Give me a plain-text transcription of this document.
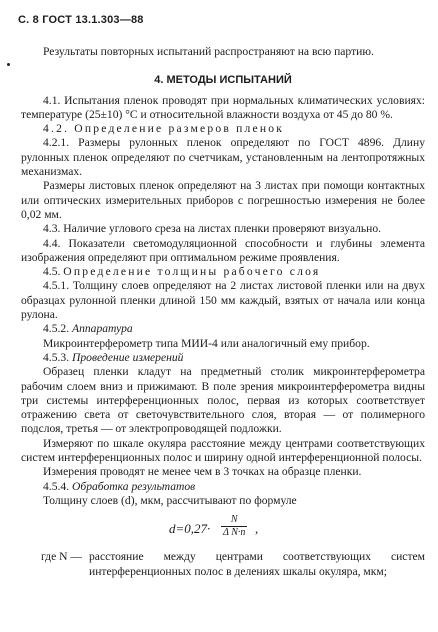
С. 8 ГОСТ 13.1.303—88

Результаты повторных испытаний распространяют на всю партию.

4. МЕТОДЫ ИСПЫТАНИЙ

4.1. Испытания пленок проводят при нормальных климатических условиях: температуре (25±10) °С и относительной влажности воздуха от 45 до 80 %.

4.2. Определение размеров пленок

4.2.1. Размеры рулонных пленок определяют по ГОСТ 4896. Длину рулонных пленок определяют по счетчикам, установленным на лентопротяжных механизмах.

Размеры листовых пленок определяют на 3 листах при помощи контактных или оптических измерительных приборов с погрешностью измерения не более 0,02 мм.

4.3. Наличие углового среза на листах пленки проверяют визуально.

4.4. Показатели светомодуляционной способности и глубины элемента изображения определяют при оптимальном режиме проявления.

4.5. Определение толщины рабочего слоя

4.5.1. Толщину слоев определяют на 2 листах листовой пленки или на двух образцах рулонной пленки длиной 150 мм каждый, взятых от начала или конца рулона.

4.5.2. Аппаратура

Микроинтерферометр типа МИИ-4 или аналогичный ему прибор.

4.5.3. Проведение измерений

Образец пленки кладут на предметный столик микроинтерферометра рабочим слоем вниз и прижимают. В поле зрения микроинтерферометра видны три системы интерференционных полос, первая из которых соответствует отражению света от светочувствительного слоя, вторая — от полимерного подслоя, третья — от электропроводящей подложки.

Измеряют по шкале окуляра расстояние между центрами соответствующих систем интерференционных полос и ширину одной интерференционной полосы.

Измерения проводят не менее чем в 3 точках на образце пленки.

4.5.4. Обработка результатов

Толщину слоев (d), мкм, рассчитывают по формуле

$d=0,27\cdot \frac{N}{\text{Δ N·n}}$ ,
где N — расстояние между центрами соответствующих систем интерференционных полос в делениях шкалы окуляра, мкм;
